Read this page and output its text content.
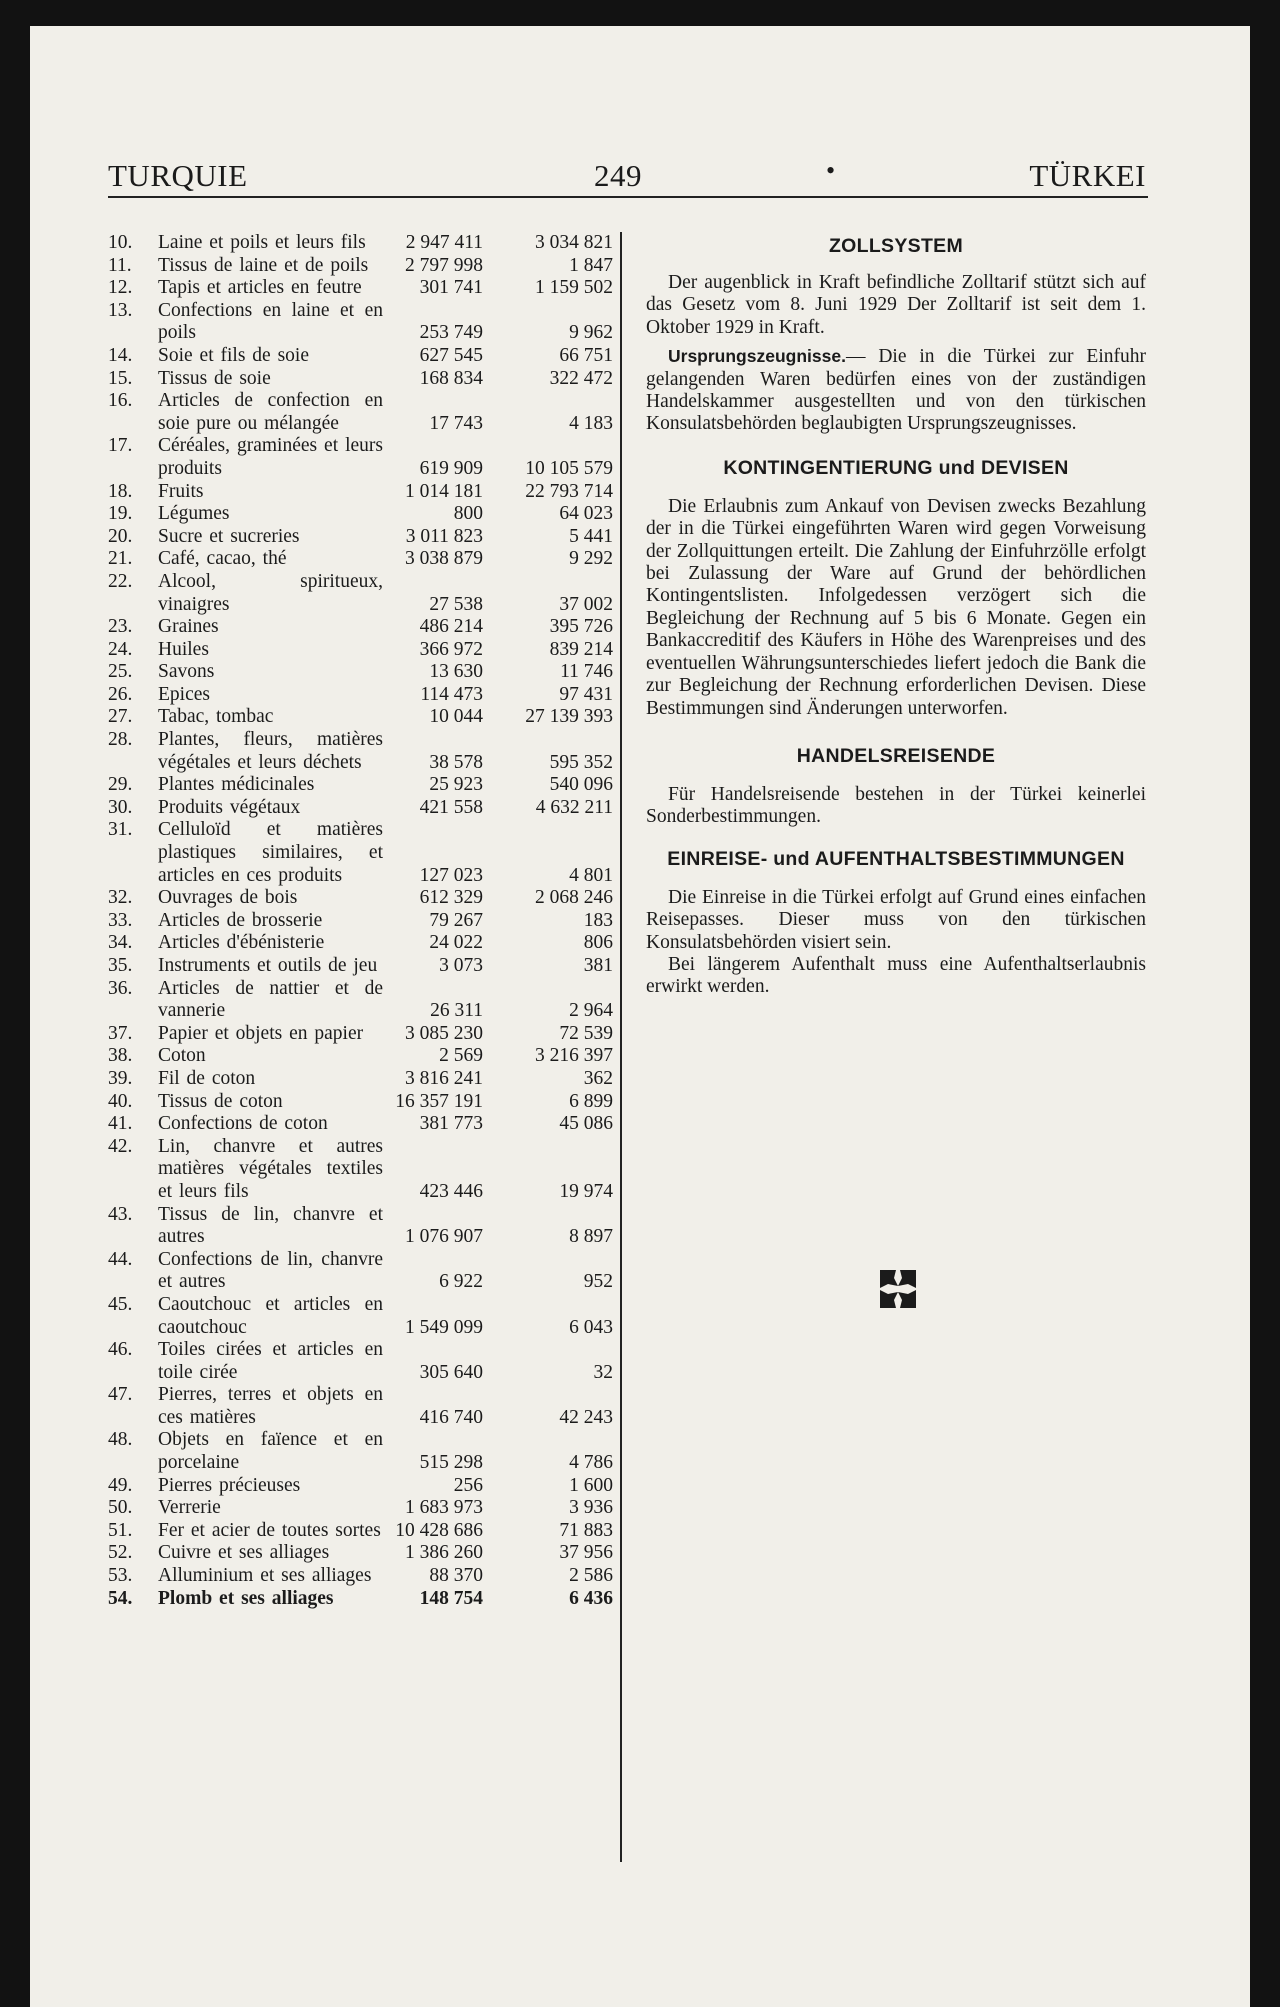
TURQUIE	249	•	TÜRKEI
10.	Laine et poils et leurs fils	2 947 411	3 034 821
11.	Tissus de laine et de poils	2 797 998	1 847
12.	Tapis et articles en feutre	301 741	1 159 502
13.	Confections en laine et en poils	253 749	9 962
14.	Soie et fils de soie	627 545	66 751
15.	Tissus de soie	168 834	322 472
16.	Articles de confection en soie pure ou mélangée	17 743	4 183
17.	Céréales, graminées et leurs produits	619 909	10 105 579
18.	Fruits	1 014 181	22 793 714
19.	Légumes	800	64 023
20.	Sucre et sucreries	3 011 823	5 441
21.	Café, cacao, thé	3 038 879	9 292
22.	Alcool, spiritueux, vinaigres	27 538	37 002
23.	Graines	486 214	395 726
24.	Huiles	366 972	839 214
25.	Savons	13 630	11 746
26.	Epices	114 473	97 431
27.	Tabac, tombac	10 044	27 139 393
28.	Plantes, fleurs, matières végétales et leurs déchets	38 578	595 352
29.	Plantes médicinales	25 923	540 096
30.	Produits végétaux	421 558	4 632 211
31.	Celluloïd et matières plastiques similaires, et articles en ces produits	127 023	4 801
32.	Ouvrages de bois	612 329	2 068 246
33.	Articles de brosserie	79 267	183
34.	Articles d'ébénisterie	24 022	806
35.	Instruments et outils de jeu	3 073	381
36.	Articles de nattier et de vannerie	26 311	2 964
37.	Papier et objets en papier	3 085 230	72 539
38.	Coton	2 569	3 216 397
39.	Fil de coton	3 816 241	362
40.	Tissus de coton	16 357 191	6 899
41.	Confections de coton	381 773	45 086
42.	Lin, chanvre et autres matières végétales textiles et leurs fils	423 446	19 974
43.	Tissus de lin, chanvre et autres	1 076 907	8 897
44.	Confections de lin, chanvre et autres	6 922	952
45.	Caoutchouc et articles en caoutchouc	1 549 099	6 043
46.	Toiles cirées et articles en toile cirée	305 640	32
47.	Pierres, terres et objets en ces matières	416 740	42 243
48.	Objets en faïence et en porcelaine	515 298	4 786
49.	Pierres précieuses	256	1 600
50.	Verrerie	1 683 973	3 936
51.	Fer et acier de toutes sortes 10 428 686	71 883
52.	Cuivre et ses alliages	1 386 260	37 956
53.	Alluminium et ses alliages	88 370	2 586
54.	Plomb et ses alliages	148 754	6 436
ZOLLSYSTEM

Der augenblick in Kraft befindliche Zolltarif stützt sich auf das Gesetz vom 8. Juni 1929 Der Zolltarif ist seit dem 1. Oktober 1929 in Kraft.

Ursprungszeugnisse.— Die in die Türkei zur Einfuhr gelangenden Waren bedürfen eines von der zuständigen Handelskammer ausgestellten und von den türkischen Konsulatsbehörden beglaubigten Ursprungszeugnisses.

KONTINGENTIERUNG und DEVISEN

Die Erlaubnis zum Ankauf von Devisen zwecks Bezahlung der in die Türkei eingeführten Waren wird gegen Vorweisung der Zollquittungen erteilt. Die Zahlung der Einfuhrzölle erfolgt bei Zulassung der Ware auf Grund der behördlichen Kontingentslisten. Infolgedessen verzögert sich die Begleichung der Rechnung auf 5 bis 6 Monate. Gegen ein Bankaccreditif des Käufers in Höhe des Warenpreises und des eventuellen Währungsunterschiedes liefert jedoch die Bank die zur Begleichung der Rechnung erforderlichen Devisen. Diese Bestimmungen sind Änderungen unterworfen.

HANDELSREISENDE

Für Handelsreisende bestehen in der Türkei keinerlei Sonderbestimmungen.

EINREISE- und AUFENTHALTSBESTIMMUNGEN

Die Einreise in die Türkei erfolgt auf Grund eines einfachen Reisepasses. Dieser muss von den türkischen Konsulatsbehörden visiert sein.

Bei längerem Aufenthalt muss eine Aufenthaltserlaubnis erwirkt werden.
